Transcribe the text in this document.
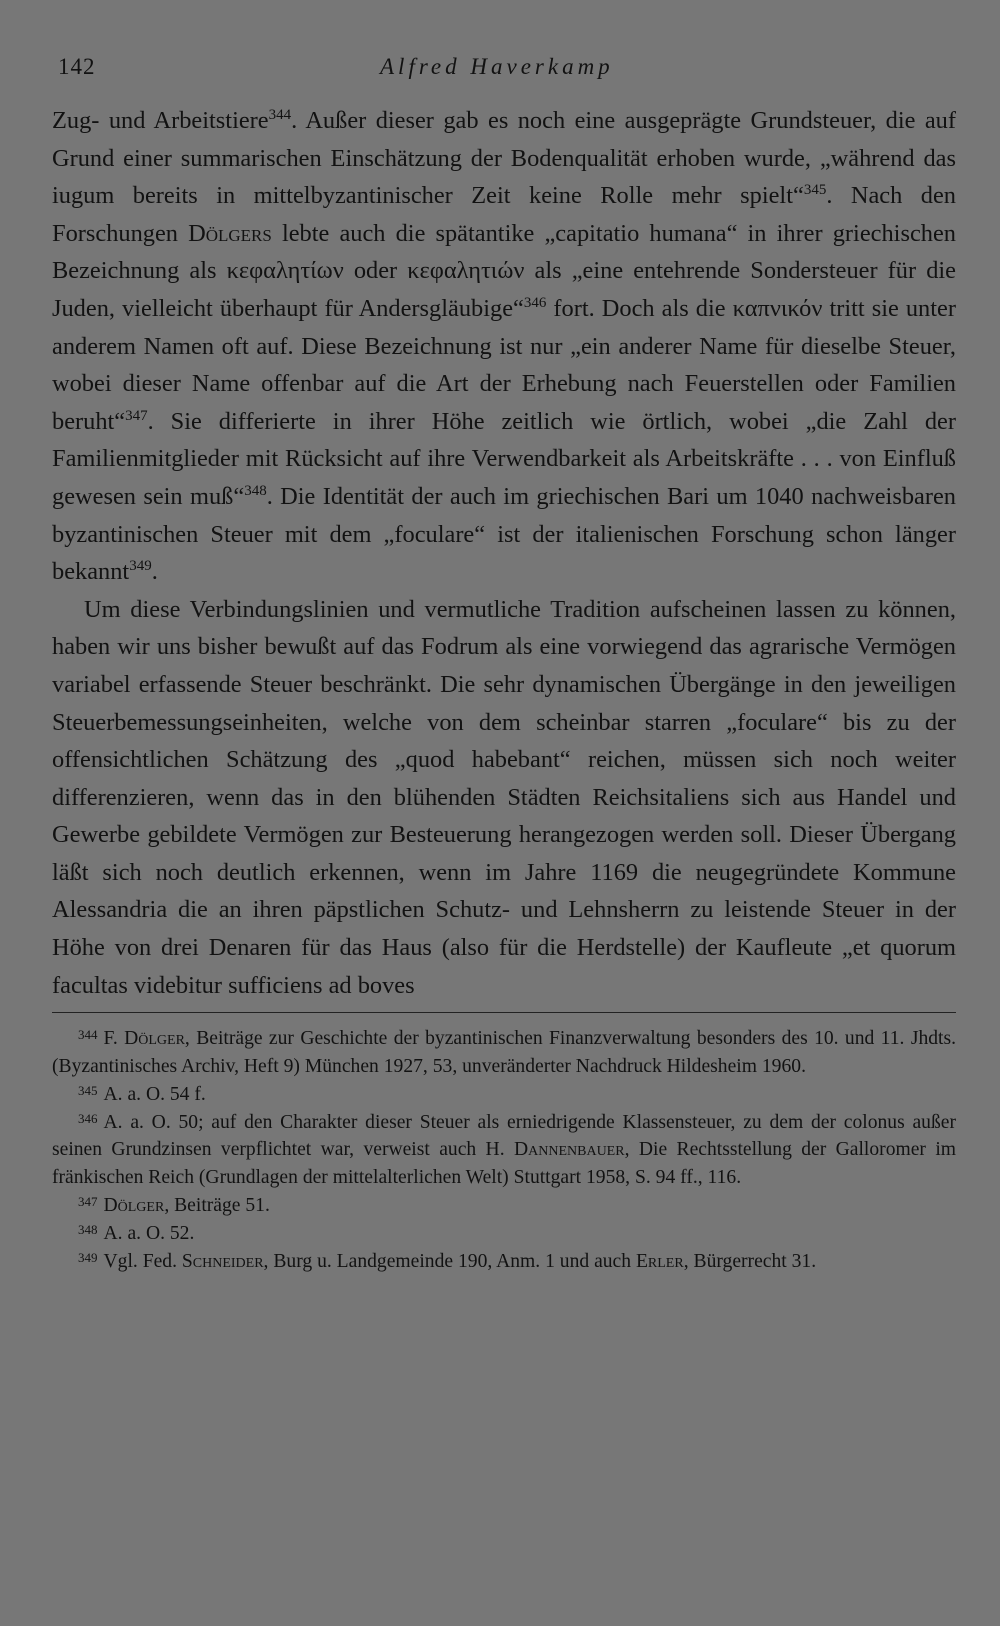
142	Alfred Haverkamp

Zug- und Arbeitstiere$^{344}$. Außer dieser gab es noch eine ausgeprägte Grundsteuer, die auf Grund einer summarischen Einschätzung der Bodenqualität erhoben wurde, „während das iugum bereits in mittelbyzantinischer Zeit keine Rolle mehr spielt“$^{345}$. Nach den Forschungen Dölgers lebte auch die spätantike „capitatio humana“ in ihrer griechischen Bezeichnung als κεφαλητίων oder κεφαλητιών als „eine entehrende Sondersteuer für die Juden, vielleicht überhaupt für Andersgläubige“$^{346}$ fort. Doch als die καπνικόν tritt sie unter anderem Namen oft auf. Diese Bezeichnung ist nur „ein anderer Name für dieselbe Steuer, wobei dieser Name offenbar auf die Art der Erhebung nach Feuerstellen oder Familien beruht“$^{347}$. Sie differierte in ihrer Höhe zeitlich wie örtlich, wobei „die Zahl der Familienmitglieder mit Rücksicht auf ihre Verwendbarkeit als Arbeitskräfte . . . von Einfluß gewesen sein muß“$^{348}$. Die Identität der auch im griechischen Bari um 1040 nachweisbaren byzantinischen Steuer mit dem „foculare“ ist der italienischen Forschung schon länger bekannt$^{349}$.

Um diese Verbindungslinien und vermutliche Tradition aufscheinen lassen zu können, haben wir uns bisher bewußt auf das Fodrum als eine vorwiegend das agrarische Vermögen variabel erfassende Steuer beschränkt. Die sehr dynamischen Übergänge in den jeweiligen Steuerbemessungseinheiten, welche von dem scheinbar starren „foculare“ bis zu der offensichtlichen Schätzung des „quod habebant“ reichen, müssen sich noch weiter differenzieren, wenn das in den blühenden Städten Reichsitaliens sich aus Handel und Gewerbe gebildete Vermögen zur Besteuerung herangezogen werden soll. Dieser Übergang läßt sich noch deutlich erkennen, wenn im Jahre 1169 die neugegründete Kommune Alessandria die an ihren päpstlichen Schutz- und Lehnsherrn zu leistende Steuer in der Höhe von drei Denaren für das Haus (also für die Herdstelle) der Kaufleute „et quorum facultas videbitur sufficiens ad boves

$^{344}$ F. Dölger, Beiträge zur Geschichte der byzantinischen Finanzverwaltung besonders des 10. und 11. Jhdts. (Byzantinisches Archiv, Heft 9) München 1927, 53, unveränderter Nachdruck Hildesheim 1960.

$^{345}$ A. a. O. 54 f.

$^{346}$ A. a. O. 50; auf den Charakter dieser Steuer als erniedrigende Klassensteuer, zu dem der colonus außer seinen Grundzinsen verpflichtet war, verweist auch H. Dannenbauer, Die Rechtsstellung der Galloromer im fränkischen Reich (Grundlagen der mittelalterlichen Welt) Stuttgart 1958, S. 94 ff., 116.

$^{347}$ Dölger, Beiträge 51.

$^{348}$ A. a. O. 52.

$^{349}$ Vgl. Fed. Schneider, Burg u. Landgemeinde 190, Anm. 1 und auch Erler, Bürgerrecht 31.
